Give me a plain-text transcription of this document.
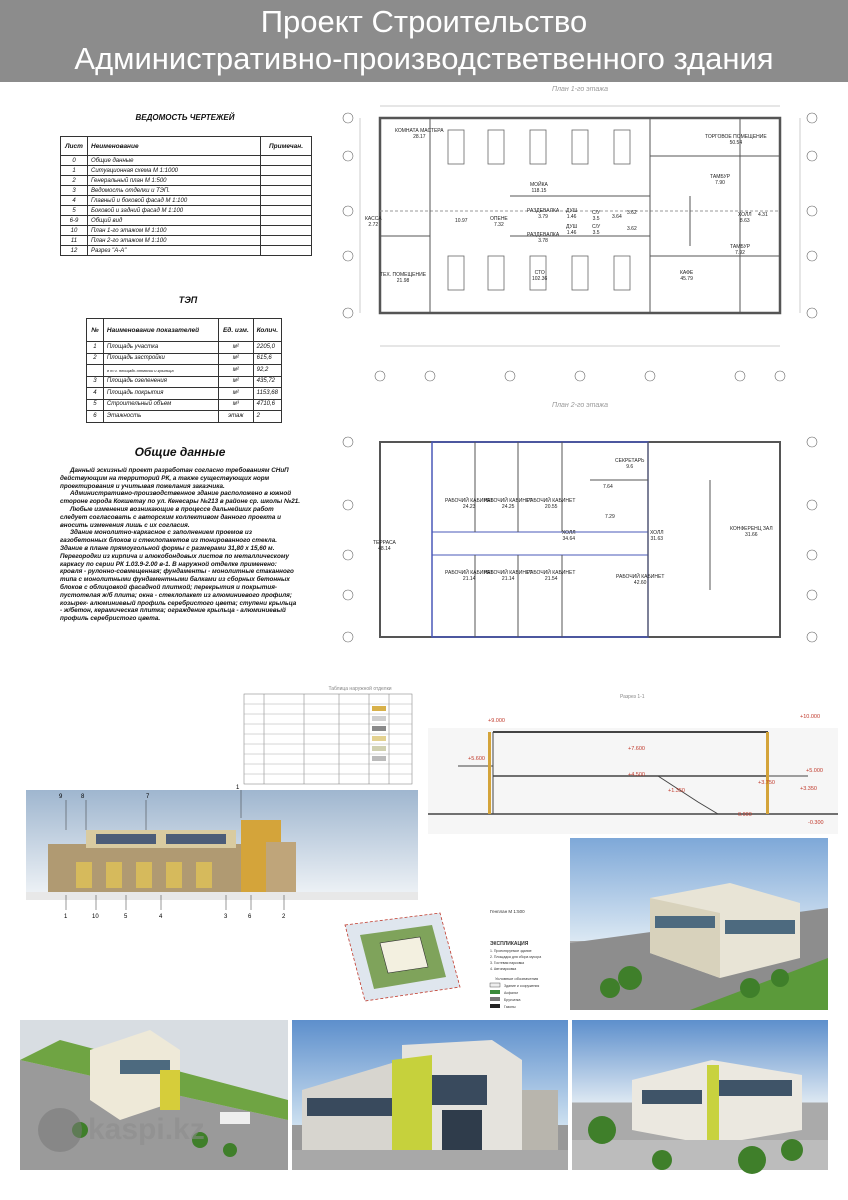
Проект Строительство
Административно-производстветвенного здания
ВЕДОМОСТЬ ЧЕРТЕЖЕЙ
Лист	Неименование	Примечан.
0	Общие данные	
1	Ситуационная схема М 1:1000	
2	Генеральный план М 1:500	
3	Ведомость отделки и ТЭП.	
4	Главный и боковой фасад М 1:100	
5	Боковой и задний фасад М 1:100	
6-9	Общий вид	
10	План 1-го этажом М 1:100	
11	План 2-го этажом М 1:100	
12	Разрез "А-А"	
ТЭП
№	Наименование показателей	Ед. изм.	Колич.
1	Площадь участка	м²	2205,0
2	Площадь застройки	м²	615,6
	в т.ч. площадь отмоски и крыльца	м²	92,2
3	Площадь озеленения	м²	435,72
4	Площадь покрытия	м²	1153,68
5	Строительный объем	м³	4710,6
6	Этажность	этаж	2
Общие данные

Данный эскизный проект разработан согласно требованиям СНиП действующим на территорий РК, а также существующих норм проектирования и учитывая пожелания заказчика.

Административно-производственное здание расположено в южной стороне города Кокшетау по ул. Кенесары №213 в районе ср. школы №21.

Любые изменения возникающие в процессе дальнейших работ следует согласовать с авторским коллективом данного проекта и вносить изменения лишь с их согласия.

Здание монолитно-каркасное с заполнением проемов из газобетонных блоков и стеклопакетов из тонированного стекла. Здание в плане прямоугольной формы с размерами 31,80 х 15,60 м. Перегородки из кирпича и алюкобондовых листов по металлическому каркасу по серии РК 1.03.9-2.00 в-1. В наружной отделке применено: кровля - рулонно-совмещенная; фундаменты - монолитные стаканного типа с монолитными фундаментными балками из сборных бетонных блоков с облицовкой фасадной плиткой; перекрытия и покрытия-пустотелая ж/б плита; окна - стеклопакет из алюминиевого профиля; козырек- алюминиевый профиль серебристого цвета; ступени крыльца - ж/бетон, керамическая плитка; ограждение крыльца - алюминиевый профиль серебристого цвета.

План 1-го этажа
КОМНАТА МАСТЕРА
28.17
МОЙКА
118.15
ТОРГОВОЕ ПОМЕЩЕНИЕ
50.54
ТАМБУР
7.90
КАССА
2.72
10.97	ОПЕНЕ
7.32
РАЗДЕВАЛКА
3.79
РАЗДЕВАЛКА
3.78
ДУШ
1.46
ДУШ
1.46
С/У
3.5
С/У
3.5
3.64
3.62
3.62
ХОЛЛ
8.63
4.31
ТАМБУР
7.92
ТЕХ. ПОМЕЩЕНИЕ
21.98
СТО
102.36
КАФЕ
45.79
План 2-го этажа
СЕКРЕТАРЬ
9.6
ТЕРРАСА
48.14
РАБОЧИЙ КАБИНЕТ
24.23
РАБОЧИЙ КАБИНЕТ
24.25
РАБОЧИЙ КАБИНЕТ
20.55
ХОЛЛ
34.64
7.64
7.29
ХОЛЛ
31.63
КОНФЕРЕНЦ ЗАЛ
31.66
РАБОЧИЙ КАБИНЕТ
21.14
РАБОЧИЙ КАБИНЕТ
21.14
РАБОЧИЙ КАБИНЕТ
21.54	РАБОЧИЙ КАБИНЕТ
42.60
Таблица наружной отделки
9	8	7
1
1	10	5	4	3	6	2
Разрез 1-1
+9.000
+10.000
+7.600
+5.600
+5.000
+4.500
+3.750
+3.350
+1.350
0.000
-0.300
Генплан М 1:500
ЭКСПЛИКАЦИЯ
1. Проектируемое здание
2. Площадка для сбора мусора
3. Гостевая парковка
4. Автопарковка
Условные обозначения
Здание и сооружения
Асфальт
Брусчатка
Газоны
kaspi.kz
